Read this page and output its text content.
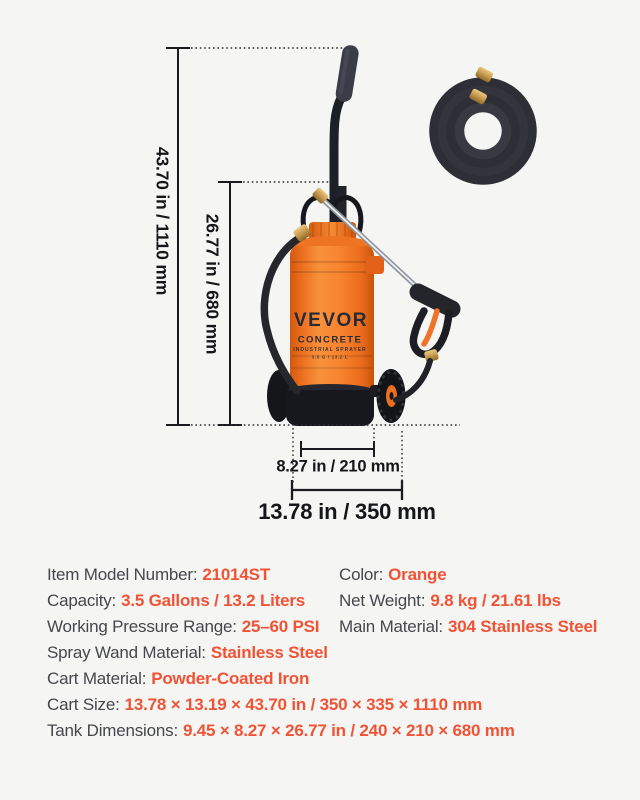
VEVOR
CONCRETE
INDUSTRIAL SPRAYER
3.5 G / 13.2 L
43.70 in / 1110 mm 26.77 in / 680 mm
8.27 in / 210 mm
13.78 in / 350 mm
Item Model Number: 21014ST
Capacity: 3.5 Gallons / 13.2 Liters
Working Pressure Range: 25–60 PSI
Spray Wand Material: Stainless Steel
Cart Material: Powder-Coated Iron
Cart Size: 13.78 × 13.19 × 43.70 in / 350 × 335 × 1110 mm
Tank Dimensions: 9.45 × 8.27 × 26.77 in / 240 × 210 × 680 mm
Color: Orange
Net Weight: 9.8 kg / 21.61 lbs
Main Material: 304 Stainless Steel
